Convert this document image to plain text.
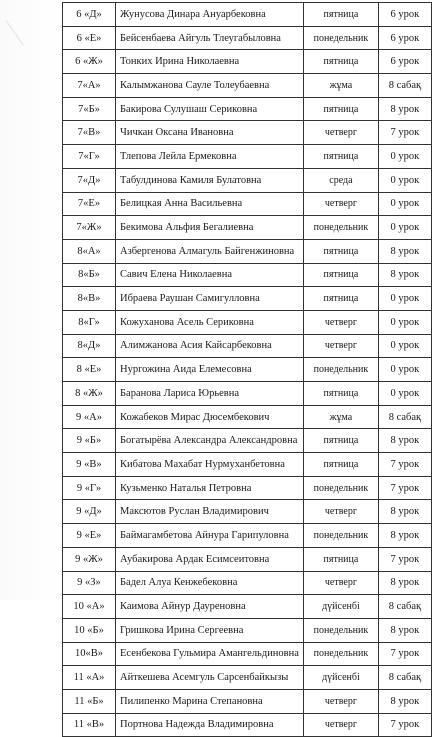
6 «Д»	Жунусова Динара Ануарбековна	пятница	6 урок
6 «Е»	Бейсенбаева Айгуль Тлеугабыловна	понедельник	6 урок
6 «Ж»	Тонких Ирина Николаевна	пятница	6 урок
7«А»	Калымжанова Сауле Толеубаевна	жұма	8 сабақ
7«Б»	Бакирова Сулушаш Сериковна	пятница	8 урок
7«В»	Чичкан Оксана Ивановна	четверг	7 урок
7«Г»	Тлепова Лейла Ермековна	пятница	0 урок
7«Д»	Табулдинова Камиля Булатовна	среда	0 урок
7«Е»	Белицкая Анна Васильевна	четверг	0 урок
7«Ж»	Бекимова Альфия Бегалиевна	понедельник	0 урок
8«А»	Азбергенова Алмагуль Байгенжиновна	пятница	8 урок
8«Б»	Савич Елена Николаевна	пятница	8 урок
8«В»	Ибраева Раушан Самигулловна	пятница	0 урок
8«Г»	Кожуханова Асель Сериковна	четверг	0 урок
8«Д»	Алимжанова Асия Кайсарбековна	четверг	0 урок
8 «Е»	Нургожина Аида Елемесовна	понедельник	0 урок
8 «Ж»	Баранова Лариса Юрьевна	пятница	0 урок
9 «А»	Кожабеков Мирас Дюсембекович	жұма	8 сабақ
9 «Б»	Богатырёва Александра Александровна	пятница	8 урок
9 «В»	Кибатова Махабат Нурмуханбетовна	пятница	7 урок
9 «Г»	Кузьменко Наталья Петровна	понедельник	7 урок
9 «Д»	Максютов Руслан Владимирович	четверг	8 урок
9 «Е»	Баймагамбетова Айнура Гарипуловна	понедельник	8 урок
9 «Ж»	Аубакирова Ардак Есимсеитовна	пятница	7 урок
9 «З»	Бадел Алуа Кенжебековна	четверг	8 урок
10 «А»	Каимова Айнур Дауреновна	дүйсенбі	8 сабақ
10 «Б»	Гришкова Ирина Сергеевна	понедельник	8 урок
10«В»	Есенбекова Гульмира Амангельдиновна	понедельник	7 урок
11 «А»	Айткешева Асемгуль Сарсенбайкызы	дүйсенбі	8 сабақ
11 «Б»	Пилипенко Марина Степановна	четверг	8 урок
11 «В»	Портнова Надежда Владимировна	четверг	7 урок
